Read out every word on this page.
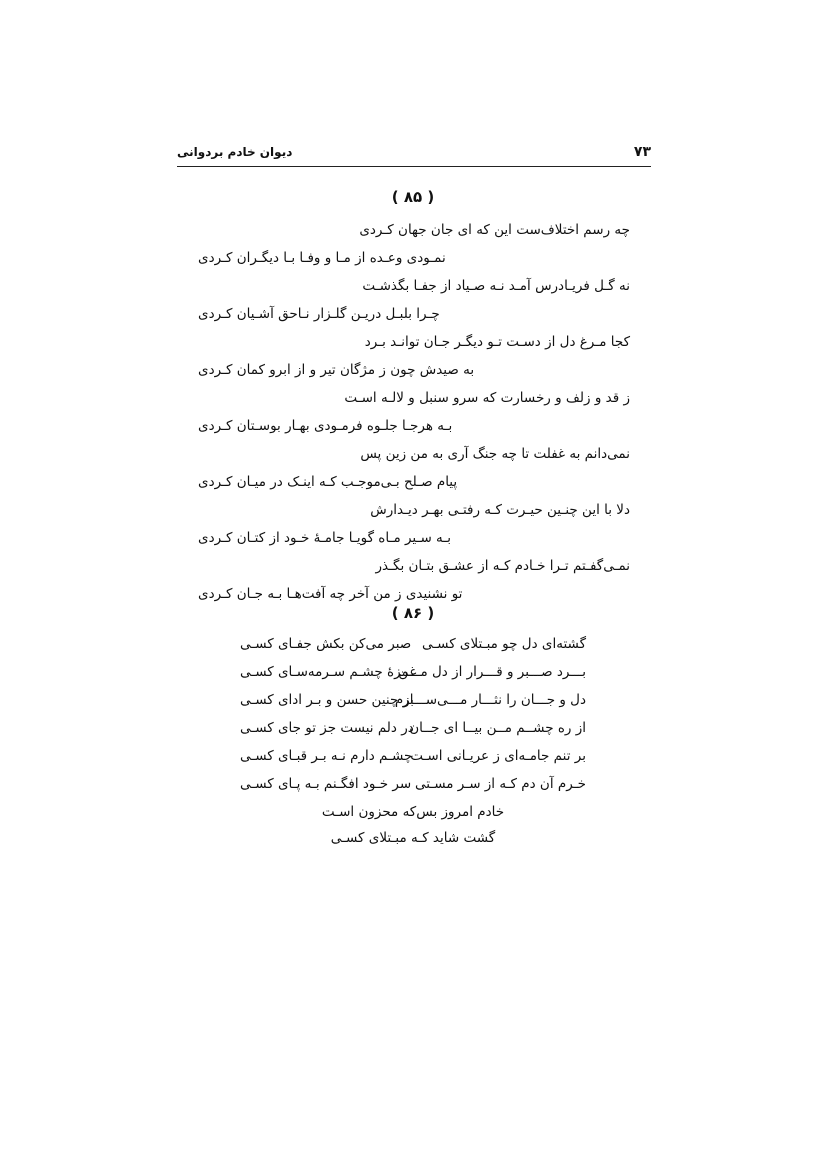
۷۳
دیوان خادم بردوانی
( ۸۵ )
چه رسم اختلاف‌ست این که ای جان جهان کـردی
نمـودی وعـده از مـا و وفـا بـا دیگـران کـردی
نه گـل فریـادرس آمـد نـه صـیاد از جفـا بگذشـت
چـرا بلبـل دریـن گلـزار نـاحق آشـیان کـردی
کجا مـرغ دل از دسـت تـو دیگـر جـان توانـد بـرد
به صیدش چون ز مژگان تیر و از ابرو کمان کـردی
ز قد و زلف و رخسارت که سرو سنبل و لالـه اسـت
بـه هرجـا جلـوه فرمـودی بهـار بوسـتان کـردی
نمی‌دانم به غفلت تا چه جنگ آری به من زین پس
پیام صـلح بـی‌موجـب کـه اینـک در میـان کـردی
دلا با این چنـین حیـرت کـه رفتـی بهـر دیـدارش
بـه سـیر مـاه گویـا جامـهٔ خـود از کتـان کـردی
نمـی‌گفـتم تـرا خـادم کـه از عشـق بتـان بگـذر
تو نشنیدی ز من آخر چه آفت‌هـا بـه جـان کـردی
( ۸۶ )
گشته‌ای دل چو مبـتلای کسـی
صبر می‌کن بکش جفـای کسـی
بـــرد صـــبر و قـــرار از دل مـــن
غمزهٔ چشـم سـرمه‌سـای کسـی
دل و جـــان را نثـــار مـــی‌ســـازم
بر چنین حسن و بـر ادای کسـی
از ره چشــم مــن بیــا ای جــان
در دلم نیست جز تو جای کسـی
بر تنم جامـه‌ای ز عریـانی اسـت
چشـم دارم نـه بـر قبـای کسـی
خـرم آن دم کـه از سـر مسـتی
سر خـود افگـنم بـه پـای کسـی
خادم امروز بس‌که محزون اسـت
گشت شاید کـه مبـتلای کسـی
